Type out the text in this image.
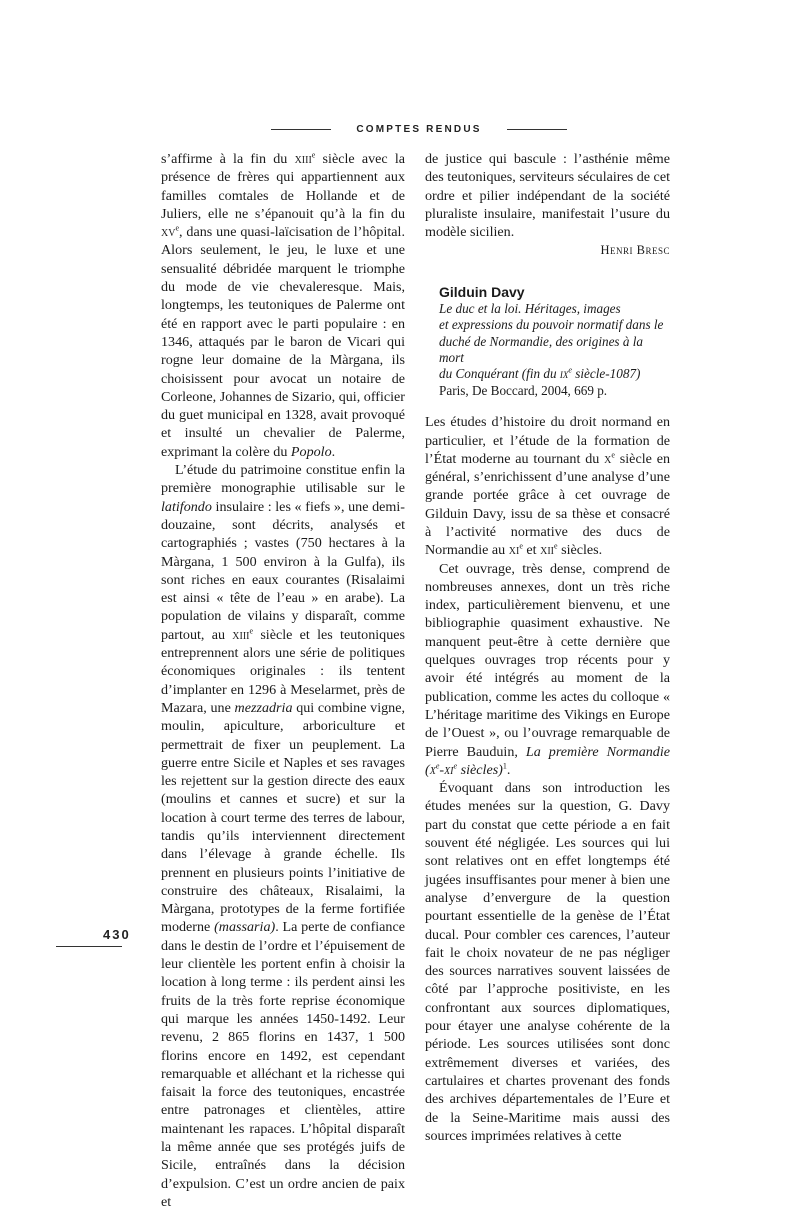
COMPTES RENDUS
430

s’affirme à la fin du xiii$^e$ siècle avec la présence de frères qui appartiennent aux familles comtales de Hollande et de Juliers, elle ne s’épanouit qu’à la fin du $xv^e$, dans une quasi-laïcisation de l’hôpital. Alors seulement, le jeu, le luxe et une sensualité débridée marquent le triomphe du mode de vie chevaleresque. Mais, longtemps, les teutoniques de Palerme ont été en rapport avec le parti populaire : en 1346, attaqués par le baron de Vicari qui rogne leur domaine de la Màrgana, ils choisissent pour avocat un notaire de Corleone, Johannes de Sizario, qui, officier du guet municipal en 1328, avait provoqué et insulté un chevalier de Palerme, exprimant la colère du Popolo.

L’étude du patrimoine constitue enfin la première monographie utilisable sur le latifondo insulaire : les « fiefs », une demi-douzaine, sont décrits, analysés et cartographiés ; vastes (750 hectares à la Màrgana, 1 500 environ à la Gulfa), ils sont riches en eaux courantes (Risalaimi est ainsi « tête de l’eau » en arabe). La population de vilains y disparaît, comme partout, au xiii$^e$ siècle et les teutoniques entreprennent alors une série de politiques économiques originales : ils tentent d’implanter en 1296 à Meselarmet, près de Mazara, une mezzadria qui combine vigne, moulin, apiculture, arboriculture et permettrait de fixer un peuplement. La guerre entre Sicile et Naples et ses ravages les rejettent sur la gestion directe des eaux (moulins et cannes et sucre) et sur la location à court terme des terres de labour, tandis qu’ils interviennent directement dans l’élevage à grande échelle. Ils prennent en plusieurs points l’initiative de construire des châteaux, Risalaimi, la Màrgana, prototypes de la ferme fortifiée moderne (massaria). La perte de confiance dans le destin de l’ordre et l’épuisement de leur clientèle les portent enfin à choisir la location à long terme : ils perdent ainsi les fruits de la très forte reprise économique qui marque les années 1450-1492. Leur revenu, 2 865 florins en 1437, 1 500 florins encore en 1492, est cependant remarquable et alléchant et la richesse qui faisait la force des teutoniques, encastrée entre patronages et clientèles, attire maintenant les rapaces. L’hôpital disparaît la même année que ses protégés juifs de Sicile, entraînés dans la décision d’expulsion. C’est un ordre ancien de paix et

de justice qui bascule : l’asthénie même des teutoniques, serviteurs séculaires de cet ordre et pilier indépendant de la société pluraliste insulaire, manifestait l’usure du modèle sicilien.

Henri Bresc

Gilduin Davy
Le duc et la loi. Héritages, images
et expressions du pouvoir normatif dans le
duché de Normandie, des origines à la mort
du Conquérant (fin du $ix^e$ siècle-1087)
Paris, De Boccard, 2004, 669 p.

Les études d’histoire du droit normand en particulier, et l’étude de la formation de l’État moderne au tournant du $x^e$ siècle en général, s’enrichissent d’une analyse d’une grande portée grâce à cet ouvrage de Gilduin Davy, issu de sa thèse et consacré à l’activité normative des ducs de Normandie au $xi^e$ et xii$^e$ siècles.

Cet ouvrage, très dense, comprend de nombreuses annexes, dont un très riche index, particulièrement bienvenu, et une bibliographie quasiment exhaustive. Ne manquent peut-être à cette dernière que quelques ouvrages trop récents pour y avoir été intégrés au moment de la publication, comme les actes du colloque « L’héritage maritime des Vikings en Europe de l’Ouest », ou l’ouvrage remarquable de Pierre Bauduin, La première Normandie ($x^e-xi^e$ siècles)$^1$.

Évoquant dans son introduction les études menées sur la question, G. Davy part du constat que cette période a en fait souvent été négligée. Les sources qui lui sont relatives ont en effet longtemps été jugées insuffisantes pour mener à bien une analyse d’envergure de la question pourtant essentielle de la genèse de l’État ducal. Pour combler ces carences, l’auteur fait le choix novateur de ne pas négliger des sources narratives souvent laissées de côté par l’approche positiviste, en les confrontant aux sources diplomatiques, pour étayer une analyse cohérente de la période. Les sources utilisées sont donc extrêmement diverses et variées, des cartulaires et chartes provenant des fonds des archives départementales de l’Eure et de la Seine-Maritime mais aussi des sources imprimées relatives à cette
